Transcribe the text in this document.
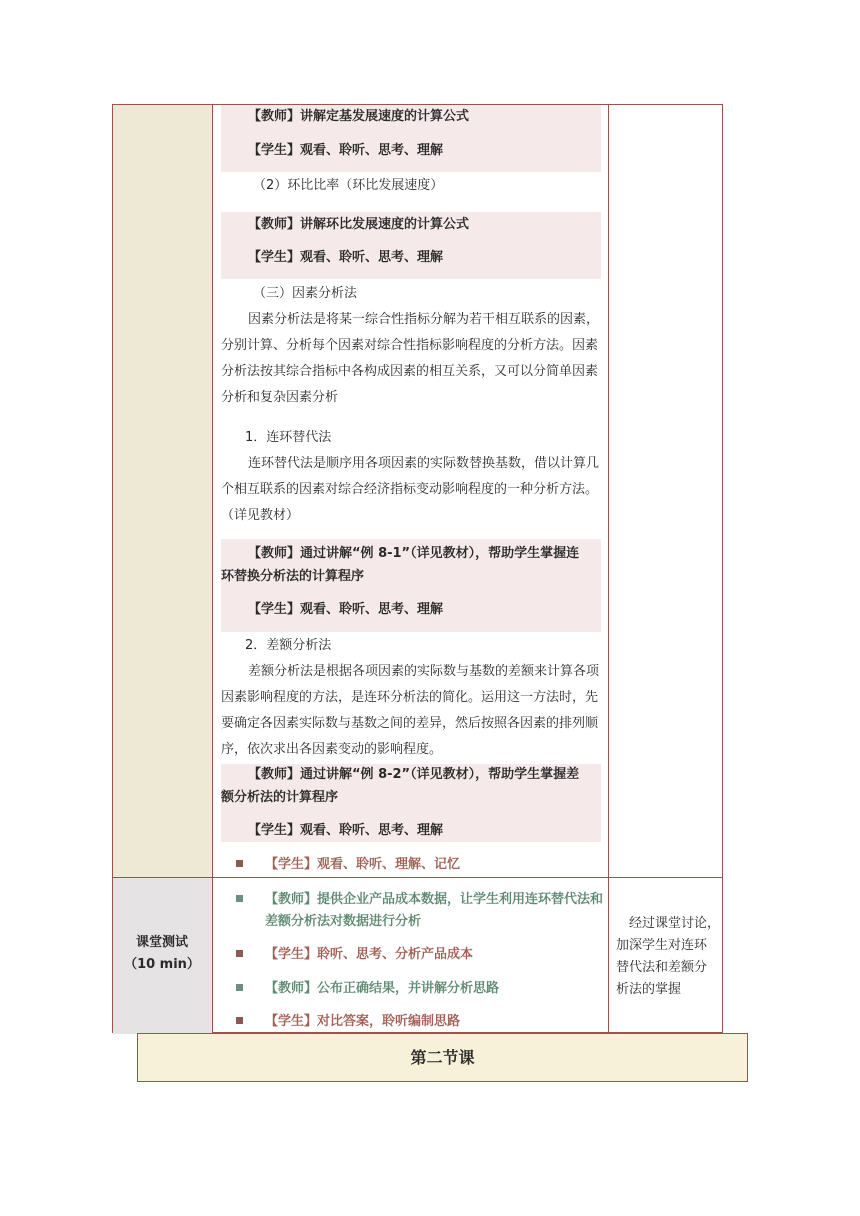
【教师】讲解定基发展速度的计算公式
【学生】观看、聆听、思考、理解
（2）环比比率（环比发展速度）
【教师】讲解环比发展速度的计算公式
【学生】观看、聆听、思考、理解
（三）因素分析法
因素分析法是将某一综合性指标分解为若干相互联系的因素，
分别计算、分析每个因素对综合性指标影响程度的分析方法。因素
分析法按其综合指标中各构成因素的相互关系，又可以分简单因素
分析和复杂因素分析
1．连环替代法
连环替代法是顺序用各项因素的实际数替换基数，借以计算几
个相互联系的因素对综合经济指标变动影响程度的一种分析方法。
（详见教材）
【教师】通过讲解“例 8-1”（详见教材），帮助学生掌握连
环替换分析法的计算程序
【学生】观看、聆听、思考、理解
2．差额分析法
差额分析法是根据各项因素的实际数与基数的差额来计算各项
因素影响程度的方法，是连环分析法的简化。运用这一方法时，先
要确定各因素实际数与基数之间的差异，然后按照各因素的排列顺
序，依次求出各因素变动的影响程度。
【教师】通过讲解“例 8-2”（详见教材），帮助学生掌握差
额分析法的计算程序
【学生】观看、聆听、思考、理解
【学生】观看、聆听、理解、记忆
【教师】提供企业产品成本数据，让学生利用连环替代法和
差额分析法对数据进行分析
【学生】聆听、思考、分析产品成本
【教师】公布正确结果，并讲解分析思路
【学生】对比答案，聆听编制思路
课堂测试
（10 min）
经过课堂讨论，
加深学生对连环
替代法和差额分
析法的掌握
第二节课
